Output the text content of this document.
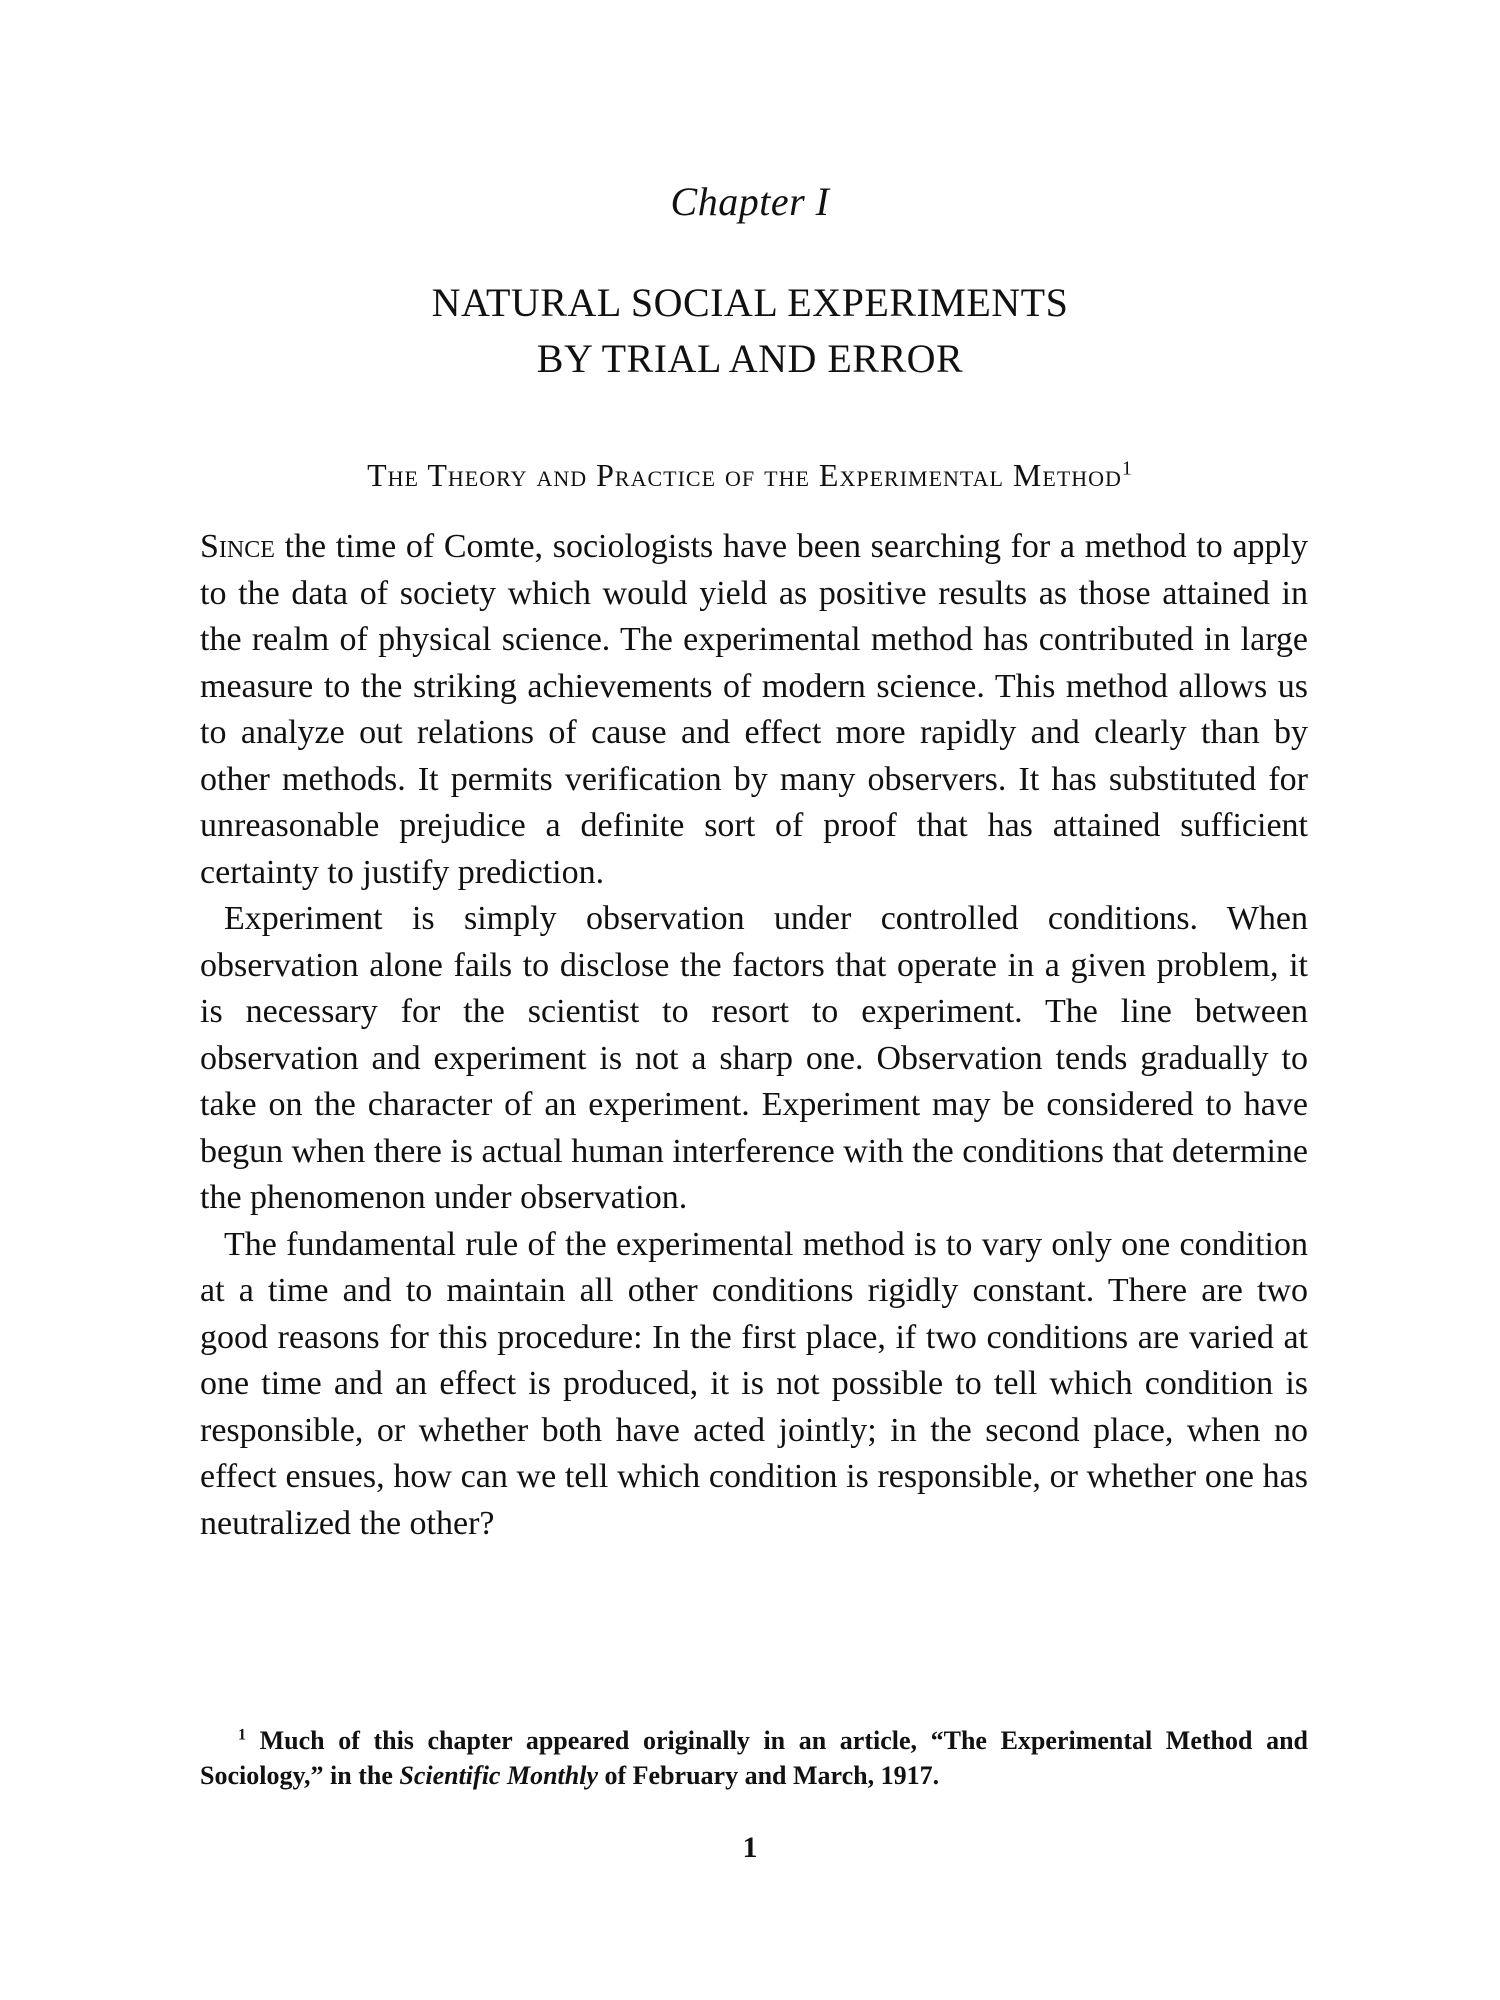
Chapter I
NATURAL SOCIAL EXPERIMENTS
BY TRIAL AND ERROR
The Theory and Practice of the Experimental Method$^1$

Since the time of Comte, sociologists have been searching for a method to apply to the data of society which would yield as positive results as those attained in the realm of physical science. The experimental method has contributed in large measure to the striking achievements of modern science. This method allows us to analyze out relations of cause and effect more rapidly and clearly than by other methods. It permits verification by many observers. It has substituted for unreasonable prejudice a definite sort of proof that has attained sufficient certainty to justify prediction.

Experiment is simply observation under controlled conditions. When observation alone fails to disclose the factors that operate in a given problem, it is necessary for the scientist to resort to experiment. The line between observation and experiment is not a sharp one. Observation tends gradually to take on the character of an experiment. Experiment may be considered to have begun when there is actual human interference with the conditions that determine the phenomenon under observation.

The fundamental rule of the experimental method is to vary only one condition at a time and to maintain all other conditions rigidly constant. There are two good reasons for this procedure: In the first place, if two conditions are varied at one time and an effect is produced, it is not possible to tell which condition is responsible, or whether both have acted jointly; in the second place, when no effect ensues, how can we tell which condition is responsible, or whether one has neutralized the other?

$^1$ Much of this chapter appeared originally in an article, “The Experimental Method and Sociology,” in the Scientific Monthly of February and March, 1917.
1
